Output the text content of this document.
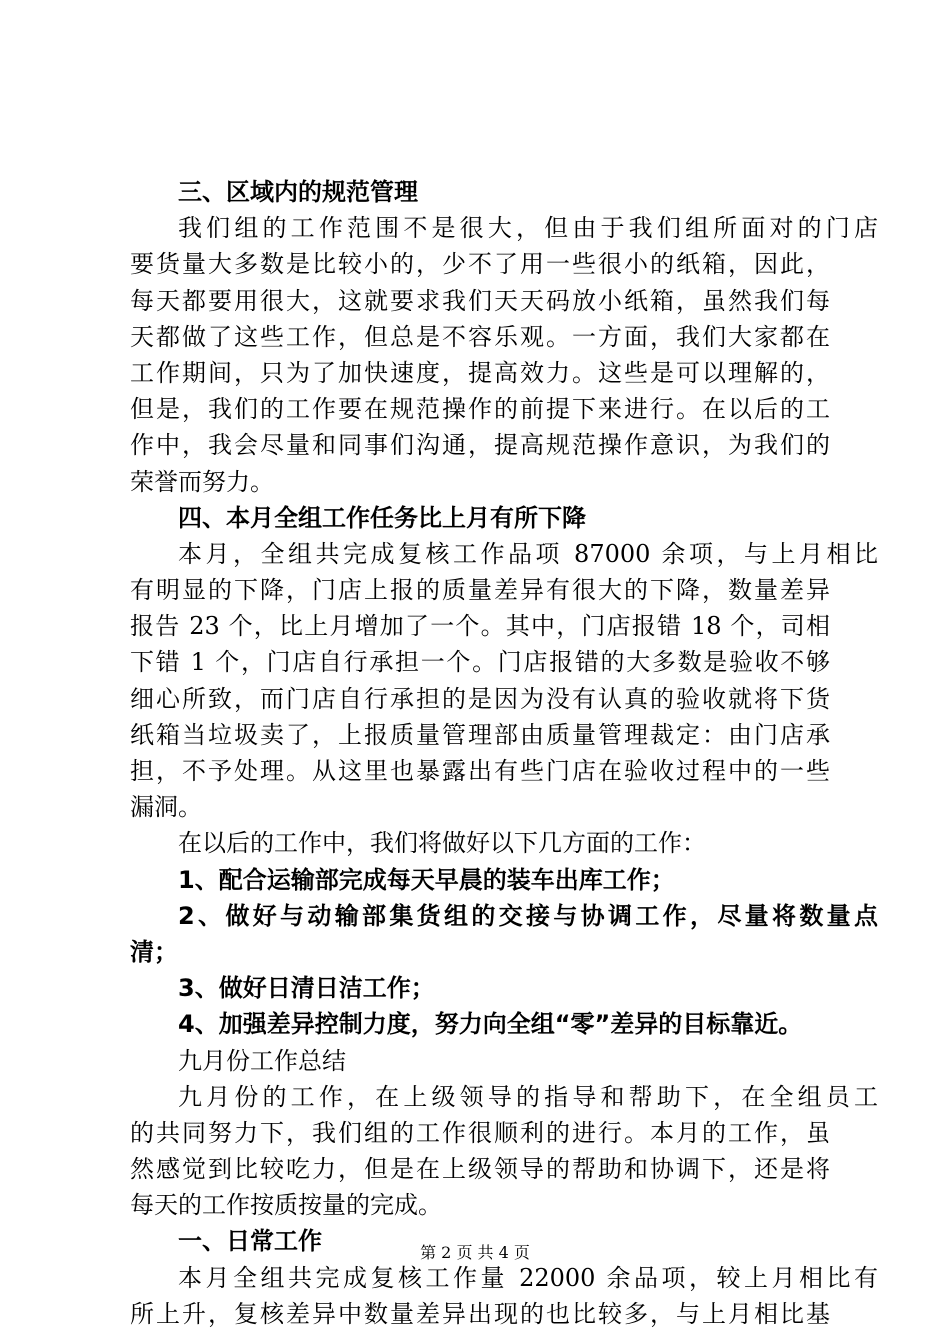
三、区域内的规范管理
我们组的工作范围不是很大，但由于我们组所面对的门店
要货量大多数是比较小的，少不了用一些很小的纸箱，因此，
每天都要用很大，这就要求我们天天码放小纸箱，虽然我们每
天都做了这些工作，但总是不容乐观。一方面，我们大家都在
工作期间，只为了加快速度，提高效力。这些是可以理解的，
但是，我们的工作要在规范操作的前提下来进行。在以后的工
作中，我会尽量和同事们沟通，提高规范操作意识，为我们的
荣誉而努力。
四、本月全组工作任务比上月有所下降
本月，全组共完成复核工作品项 87000 余项，与上月相比
有明显的下降，门店上报的质量差异有很大的下降，数量差异
报告 23 个，比上月增加了一个。其中，门店报错 18 个，司相
下错 1 个，门店自行承担一个。门店报错的大多数是验收不够
细心所致，而门店自行承担的是因为没有认真的验收就将下货
纸箱当垃圾卖了，上报质量管理部由质量管理裁定：由门店承
担，不予处理。从这里也暴露出有些门店在验收过程中的一些
漏洞。
在以后的工作中，我们将做好以下几方面的工作：
1、配合运输部完成每天早晨的装车出库工作；
2、做好与动输部集货组的交接与协调工作，尽量将数量点
清；
3、做好日清日洁工作；
4、加强差异控制力度，努力向全组“零”差异的目标靠近。
九月份工作总结
九月份的工作，在上级领导的指导和帮助下，在全组员工
的共同努力下，我们组的工作很顺利的进行。本月的工作，虽
然感觉到比较吃力，但是在上级领导的帮助和协调下，还是将
每天的工作按质按量的完成。
一、日常工作
本月全组共完成复核工作量 22000 余品项，较上月相比有
所上升，复核差异中数量差异出现的也比较多，与上月相比基
第 2 页 共 4 页
